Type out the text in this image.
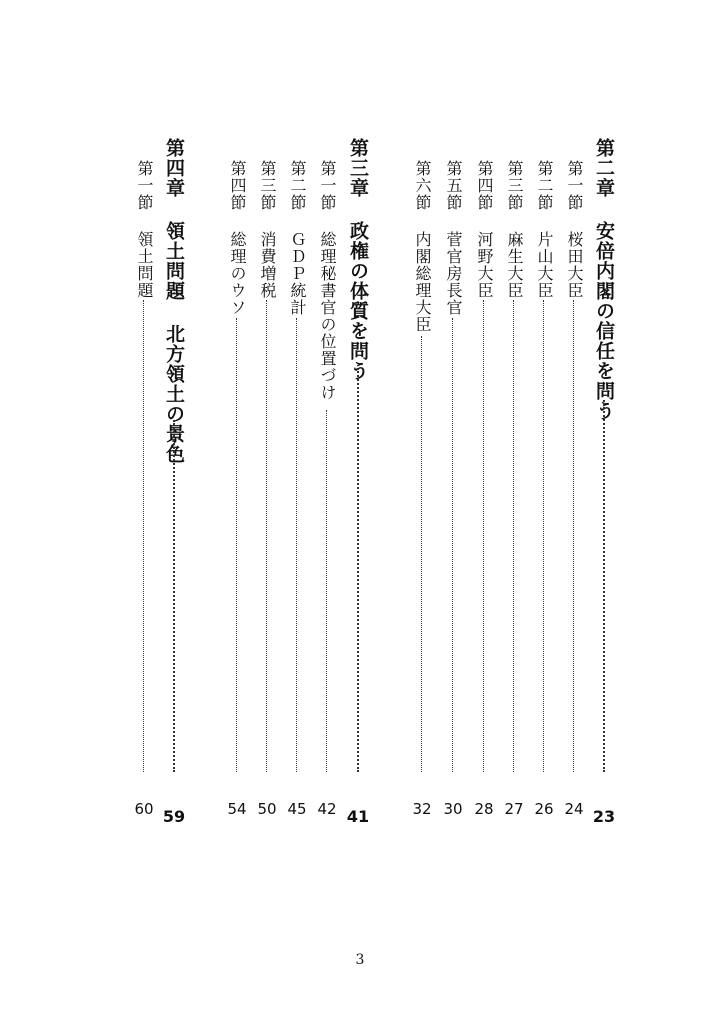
第二章 安倍内閣の信任を問う
23
第一節 桜田大臣
24
第二節 片山大臣
26
第三節 麻生大臣
27
第四節 河野大臣
28
第五節 菅官房長官
30
第六節 内閣総理大臣
32
第三章 政権の体質を問う
41
第一節 総理秘書官の位置づけ
42
第二節 ＧＤＰ統計
45
第三節 消費増税
50
第四節 総理のウソ
54
第四章 領土問題 北方領土の景色
59
第一節 領土問題
60
3
